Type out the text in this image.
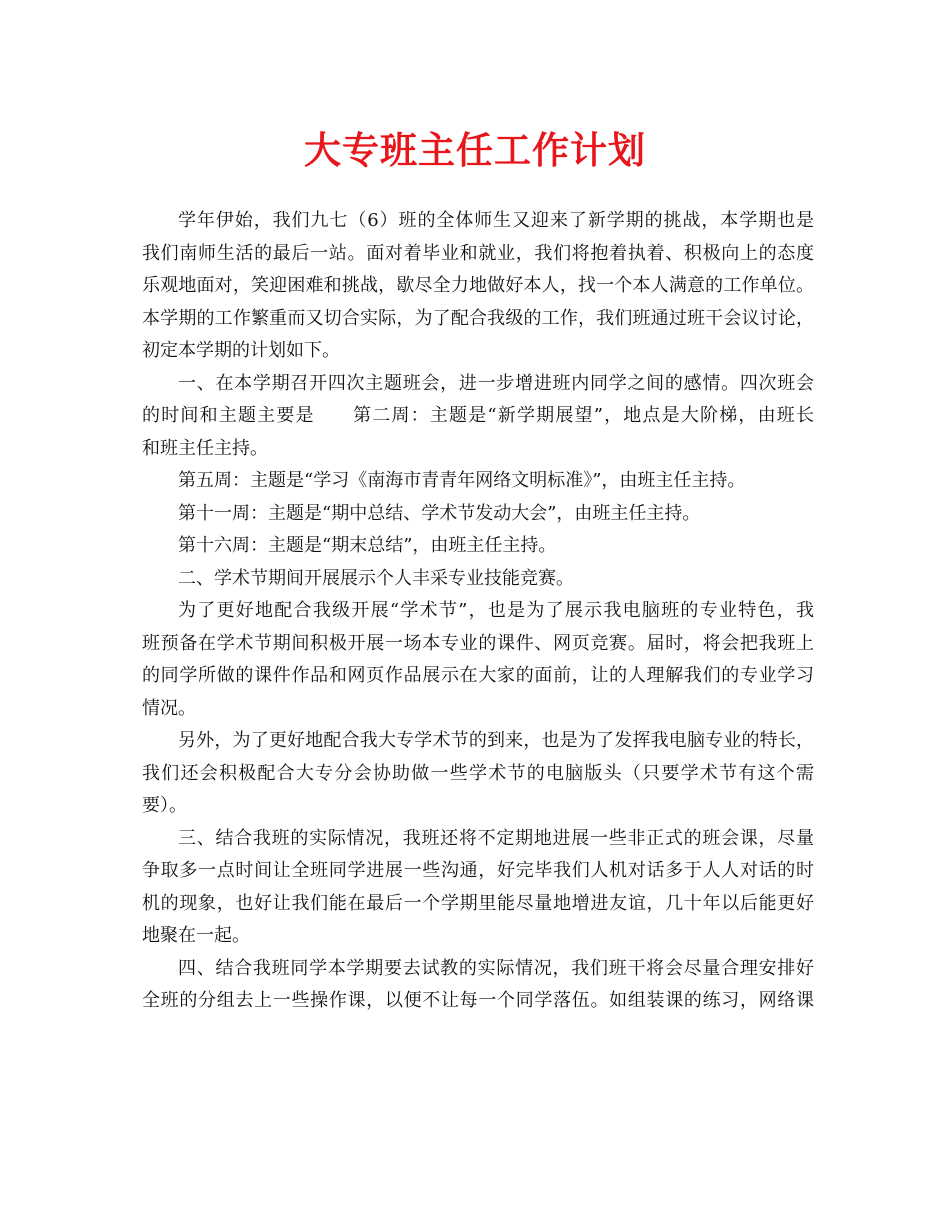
大专班主任工作计划
学年伊始，我们九七（6）班的全体师生又迎来了新学期的挑战，本学期也是
我们南师生活的最后一站。面对着毕业和就业，我们将抱着执着、积极向上的态度
乐观地面对，笑迎困难和挑战，歇尽全力地做好本人，找一个本人满意的工作单位。
本学期的工作繁重而又切合实际，为了配合我级的工作，我们班通过班干会议讨论，
初定本学期的计划如下。
一、在本学期召开四次主题班会，进一步增进班内同学之间的感情。四次班会
的时间和主题主要是　　第二周：主题是“新学期展望”，地点是大阶梯，由班长
和班主任主持。
第五周：主题是“学习《南海市青青年网络文明标准》”，由班主任主持。
第十一周：主题是“期中总结、学术节发动大会”，由班主任主持。
第十六周：主题是“期末总结”，由班主任主持。
二、学术节期间开展展示个人丰采专业技能竞赛。
为了更好地配合我级开展“学术节”，也是为了展示我电脑班的专业特色，我
班预备在学术节期间积极开展一场本专业的课件、网页竞赛。届时，将会把我班上
的同学所做的课件作品和网页作品展示在大家的面前，让的人理解我们的专业学习
情况。
另外，为了更好地配合我大专学术节的到来，也是为了发挥我电脑专业的特长，
我们还会积极配合大专分会协助做一些学术节的电脑版头（只要学术节有这个需
要）。
三、结合我班的实际情况，我班还将不定期地进展一些非正式的班会课，尽量
争取多一点时间让全班同学进展一些沟通，好完毕我们人机对话多于人人对话的时
机的现象，也好让我们能在最后一个学期里能尽量地增进友谊，几十年以后能更好
地聚在一起。
四、结合我班同学本学期要去试教的实际情况，我们班干将会尽量合理安排好
全班的分组去上一些操作课，以便不让每一个同学落伍。如组装课的练习，网络课
